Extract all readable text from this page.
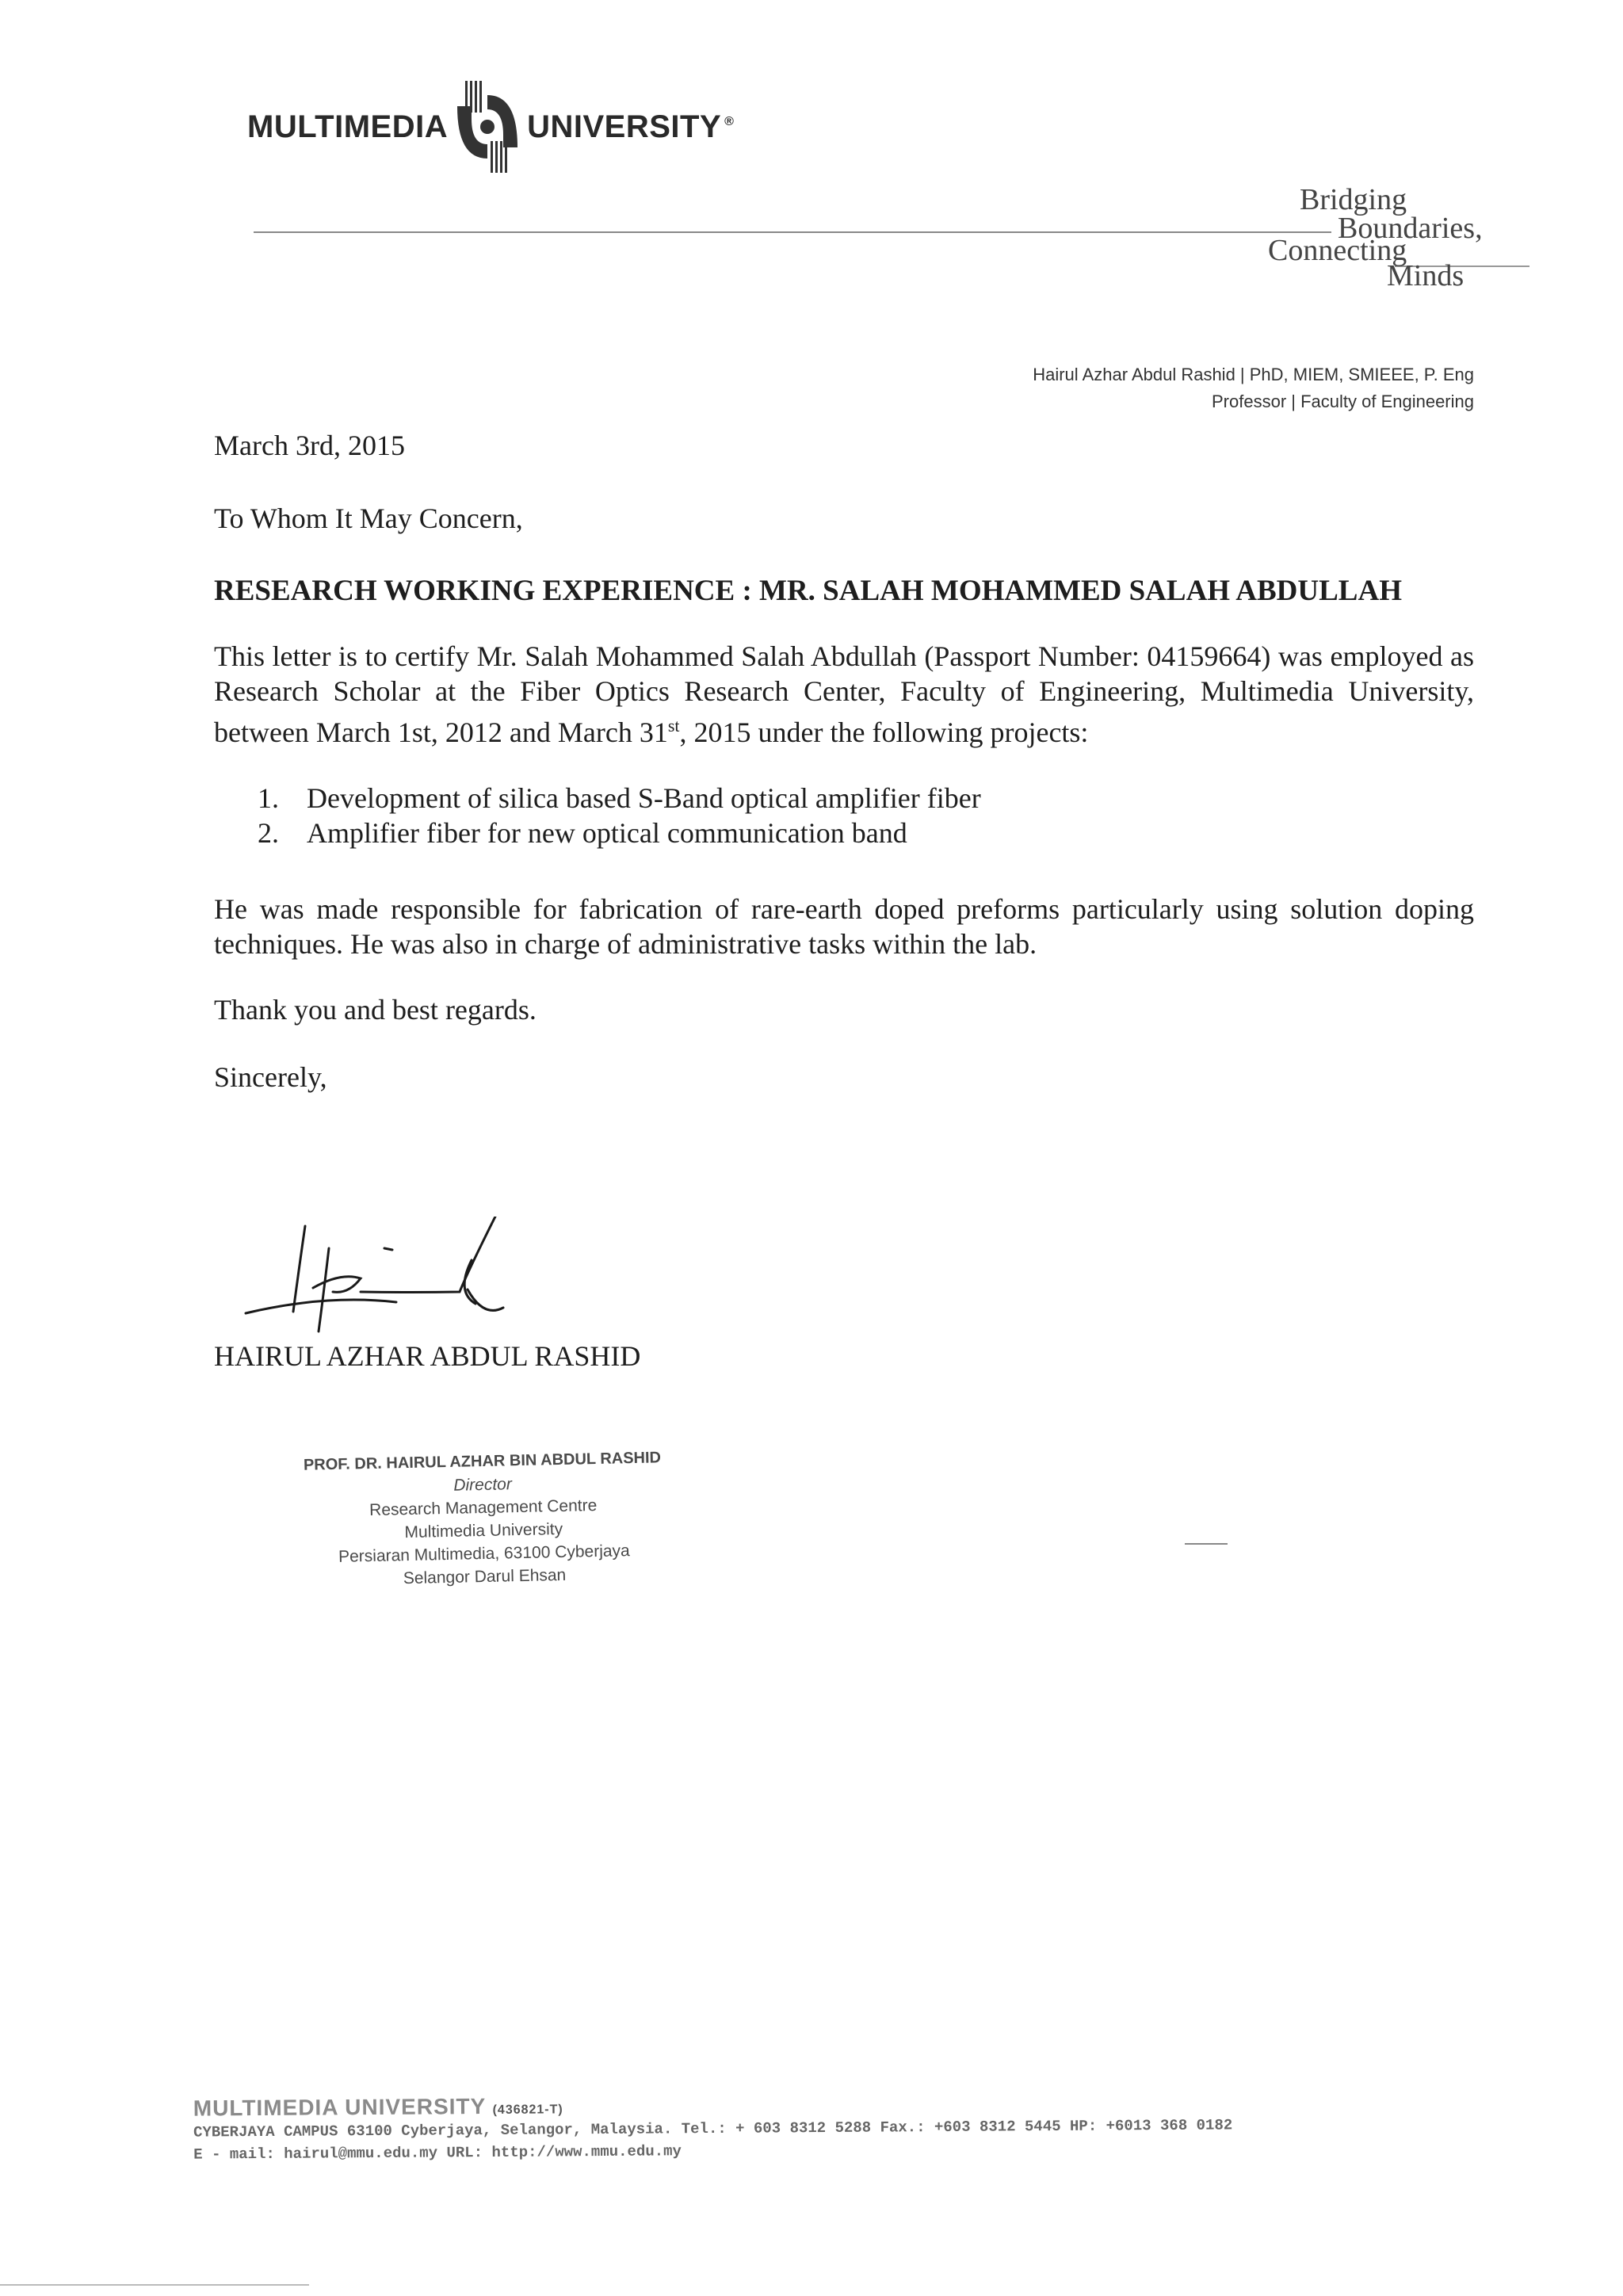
MULTIMEDIA	UNIVERSITY ®
Bridging
Boundaries,
Connecting
Minds
Hairul Azhar Abdul Rashid | PhD, MIEM, SMIEEE, P. Eng
Professor | Faculty of Engineering
March 3rd, 2015
To Whom It May Concern,
RESEARCH WORKING EXPERIENCE : MR. SALAH MOHAMMED SALAH ABDULLAH
This letter is to certify Mr. Salah Mohammed Salah Abdullah (Passport Number: 04159664) was employed as Research Scholar at the Fiber Optics Research Center, Faculty of Engineering, Multimedia University, between March 1st, 2012 and March 31st, 2015 under the following projects:
1. Development of silica based S-Band optical amplifier fiber
2. Amplifier fiber for new optical communication band
He was made responsible for fabrication of rare-earth doped preforms particularly using solution doping techniques. He was also in charge of administrative tasks within the lab.
Thank you and best regards.
Sincerely,
HAIRUL AZHAR ABDUL RASHID
PROF. DR. HAIRUL AZHAR BIN ABDUL RASHID
Director
Research Management Centre
Multimedia University
Persiaran Multimedia, 63100 Cyberjaya
Selangor Darul Ehsan
MULTIMEDIA UNIVERSITY (436821-T)
CYBERJAYA CAMPUS 63100 Cyberjaya, Selangor, Malaysia. Tel.: + 603 8312 5288 Fax.: +603 8312 5445 HP: +6013 368 0182
E - mail: hairul@mmu.edu.my URL: http://www.mmu.edu.my
